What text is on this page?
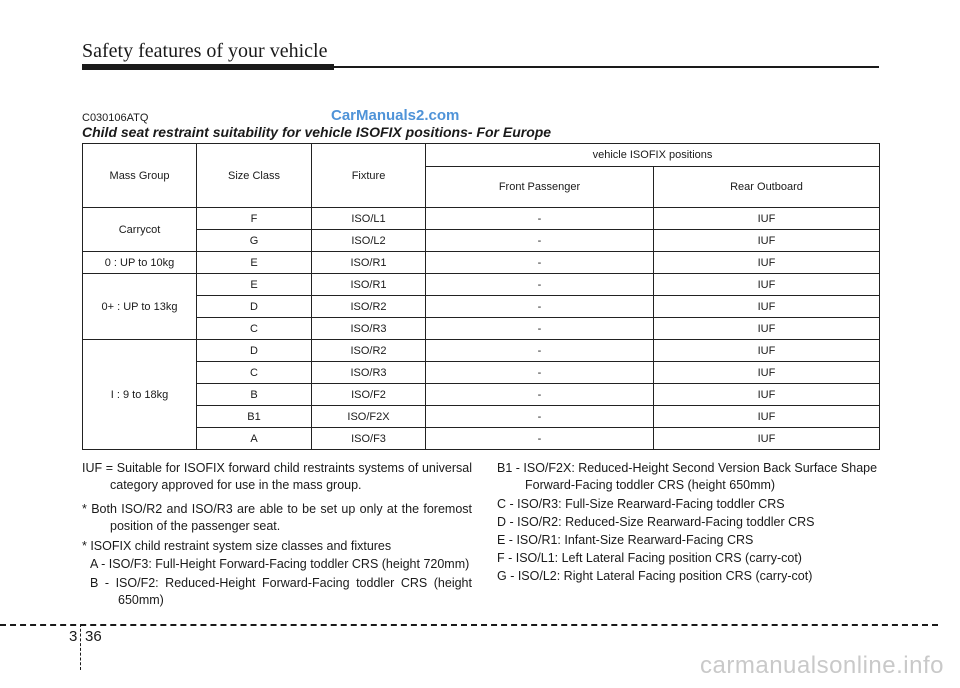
Safety features of your vehicle
C030106ATQ	CarManuals2.com
Child seat restraint suitability for vehicle ISOFIX positions- For Europe
Mass Group	Size Class	Fixture	vehicle ISOFIX positions	
			Front Passenger	Rear Outboard
Carrycot	F	ISO/L1	-	IUF
	G	ISO/L2	-	IUF
0 : UP to 10kg	E	ISO/R1	-	IUF
0+ : UP to 13kg	E	ISO/R1	-	IUF
	D	ISO/R2	-	IUF
	C	ISO/R3	-	IUF
I : 9 to 18kg	D	ISO/R2	-	IUF
	C	ISO/R3	-	IUF
	B	ISO/F2	-	IUF
	B1	ISO/F2X	-	IUF
	A	ISO/F3	-	IUF

IUF = Suitable for ISOFIX forward child restraints systems of universal category approved for use in the mass group.

* Both ISO/R2 and ISO/R3 are able to be set up only at the foremost position of the passenger seat.

* ISOFIX child restraint system size classes and fixtures

A - ISO/F3: Full-Height Forward-Facing toddler CRS (height 720mm)

B - ISO/F2: Reduced-Height Forward-Facing toddler CRS (height 650mm)

B1 - ISO/F2X: Reduced-Height Second Version Back Surface Shape Forward-Facing toddler CRS (height 650mm)

C - ISO/R3: Full-Size Rearward-Facing toddler CRS

D - ISO/R2: Reduced-Size Rearward-Facing toddler CRS

E - ISO/R1: Infant-Size Rearward-Facing CRS

F - ISO/L1: Left Lateral Facing position CRS (carry-cot)

G - ISO/L2: Right Lateral Facing position CRS (carry-cot)

3 36
carmanualsonline.info
